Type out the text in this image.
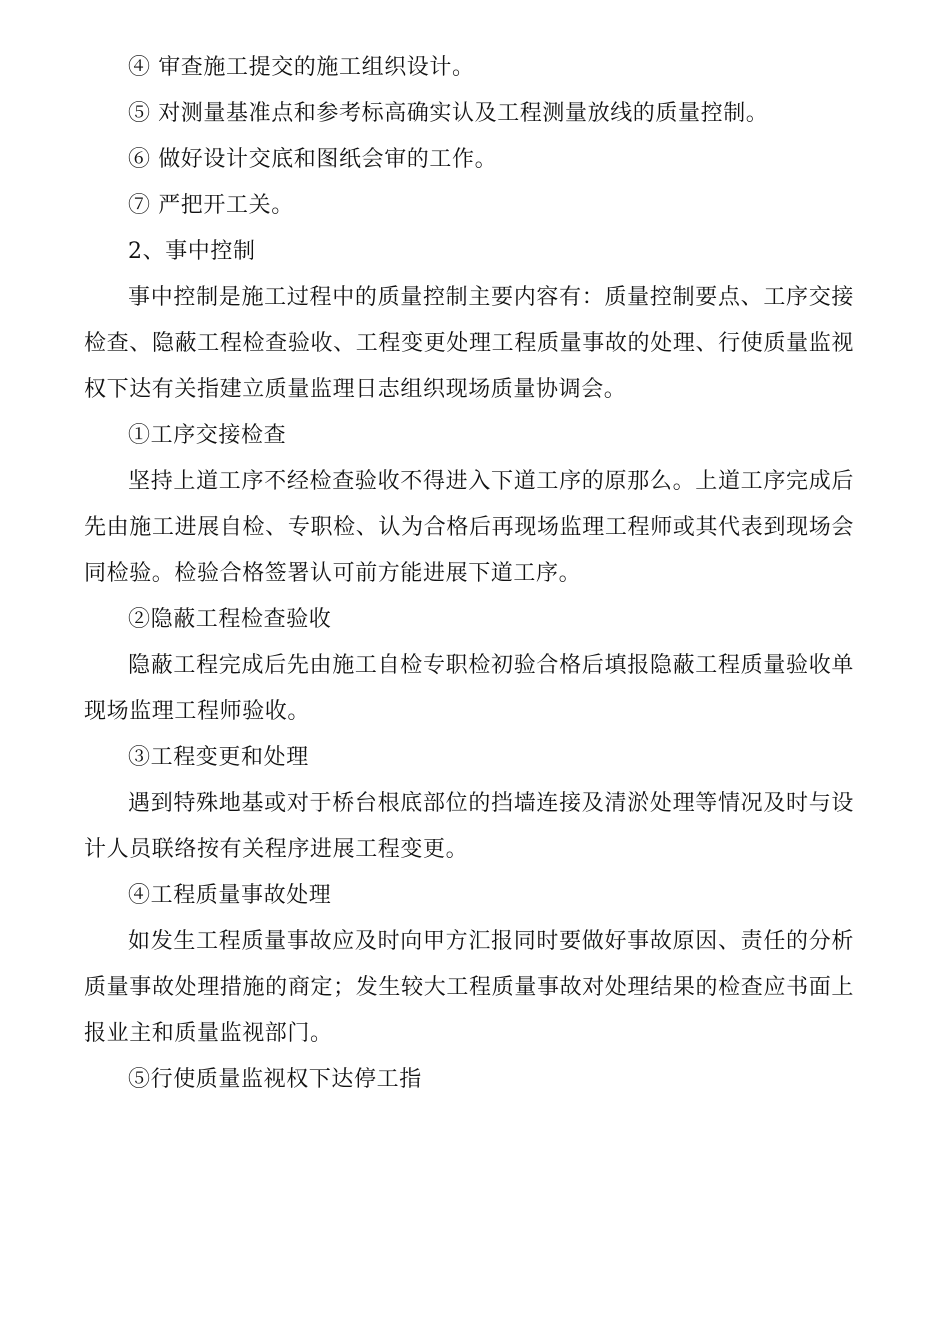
④ 审查施工提交的施工组织设计。

⑤ 对测量基准点和参考标高确实认及工程测量放线的质量控制。

⑥ 做好设计交底和图纸会审的工作。

⑦ 严把开工关。

2、事中控制

事中控制是施工过程中的质量控制主要内容有：质量控制要点、工序交接检查、隐蔽工程检查验收、工程变更处理工程质量事故的处理、行使质量监视权下达有关指建立质量监理日志组织现场质量协调会。

①工序交接检查

坚持上道工序不经检查验收不得进入下道工序的原那么。上道工序完成后先由施工进展自检、专职检、认为合格后再现场监理工程师或其代表到现场会同检验。检验合格签署认可前方能进展下道工序。

②隐蔽工程检查验收

隐蔽工程完成后先由施工自检专职检初验合格后填报隐蔽工程质量验收单现场监理工程师验收。

③工程变更和处理

遇到特殊地基或对于桥台根底部位的挡墙连接及清淤处理等情况及时与设计人员联络按有关程序进展工程变更。

④工程质量事故处理

如发生工程质量事故应及时向甲方汇报同时要做好事故原因、责任的分析质量事故处理措施的商定；发生较大工程质量事故对处理结果的检查应书面上报业主和质量监视部门。

⑤行使质量监视权下达停工指
